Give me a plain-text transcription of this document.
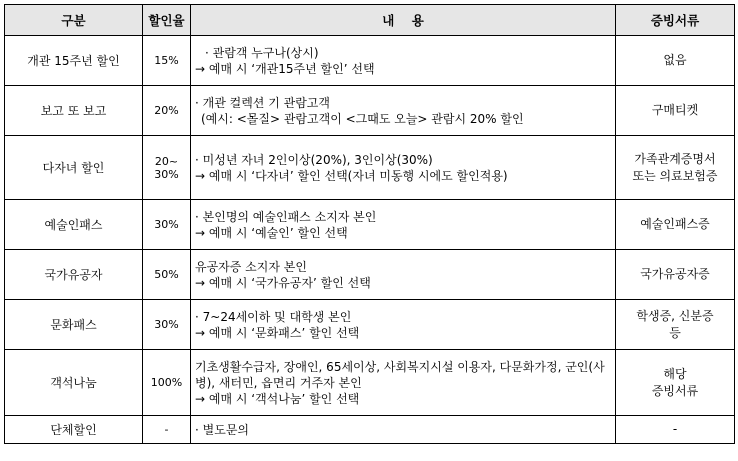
구분	할인율	내    용	증빙서류
개관 15주년 할인	15%	· 관람객 누구나(상시)
→ 예매 시 ‘개관15주년 할인’ 선택	없음

보고 또 보고	20%	· 개관 컬렉션 기 관람고객
(예시: <몰질> 관람고객이 <그때도 오늘> 관람시 20% 할인	구매티켓

다자녀 할인	20~
30%	· 미성년 자녀 2인이상(20%), 3인이상(30%)
→ 예매 시 ‘다자녀’ 할인 선택(자녀 미동행 시에도 할인적용)	가족관계증명서
또는 의료보험증

예술인패스	30%	· 본인명의 예술인패스 소지자 본인
→ 예매 시 ‘예술인’ 할인 선택	예술인패스증

국가유공자	50%	유공자증 소지자 본인
→ 예매 시 ‘국가유공자’ 할인 선택	국가유공자증

문화패스	30%	· 7~24세이하 및 대학생 본인
→ 예매 시 ‘문화패스’ 할인 선택	학생증, 신분증
등

객석나눔	100%	기초생활수급자, 장애인, 65세이상, 사회복지시설 이용자, 다문화가정, 군인(사병), 새터민, 읍면리 거주자 본인
→ 예매 시 ‘객석나눔’ 할인 선택	해당
증빙서류

단체할인	-	· 별도문의	-
